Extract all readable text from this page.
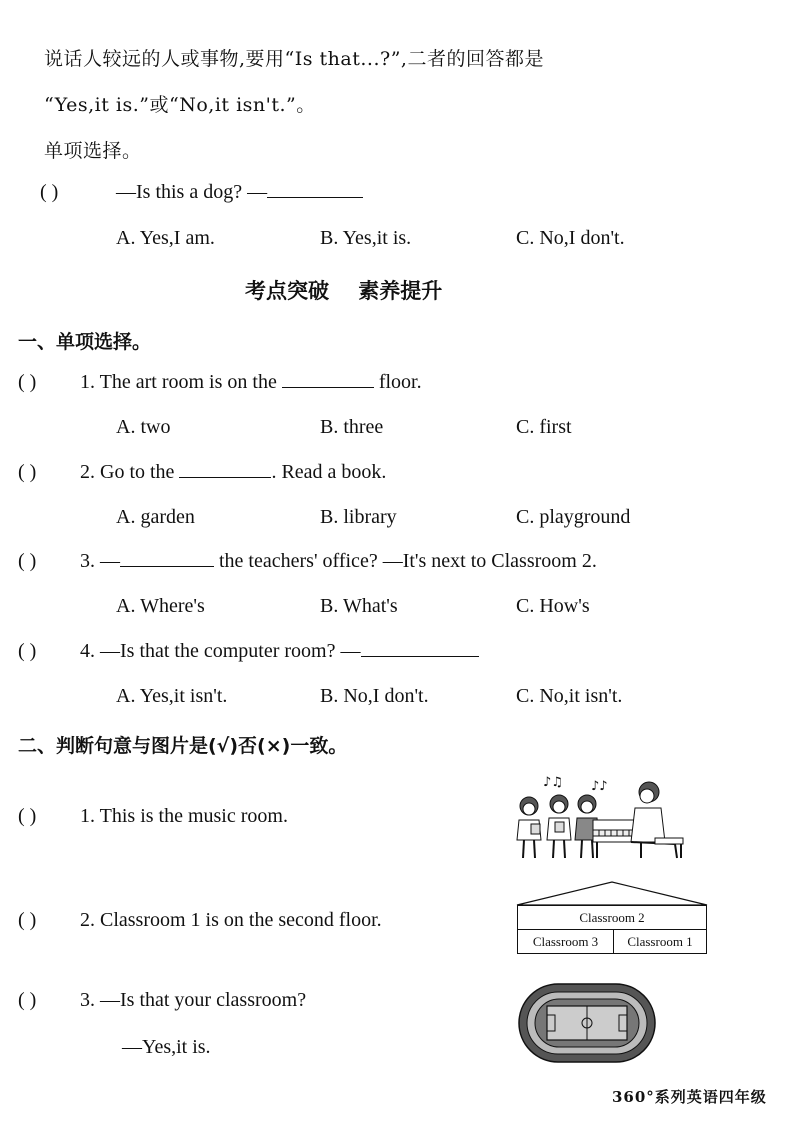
说话人较远的人或事物,要用“Is that...?”,二者的回答都是
“Yes,it is.”或“No,it isn't.”。
单项选择。
( )	—Is this a dog? —
A. Yes,I am.	B. Yes,it is.	C. No,I don't.
考点突破    素养提升
一、单项选择。
( ) 1. The art room is on the	floor.
A. two	B. three	C. first
( ) 2. Go to the	. Read a book.
A. garden	B. library	C. playground
( ) 3. —	the teachers' office? —It's next to Classroom 2.
A. Where's	B. What's	C. How's
( ) 4. —Is that the computer room? —
A. Yes,it isn't.	B. No,I don't.	C. No,it isn't.
二、判断句意与图片是(√)否(×)一致。
( ) 1. This is the music room.
♪♫ ♪♪
( ) 2. Classroom 1 is on the second floor.	Classroom 2
Classroom 3	Classroom 1
( ) 3. —Is that your classroom?
—Yes,it is.
360°系列英语四年级
